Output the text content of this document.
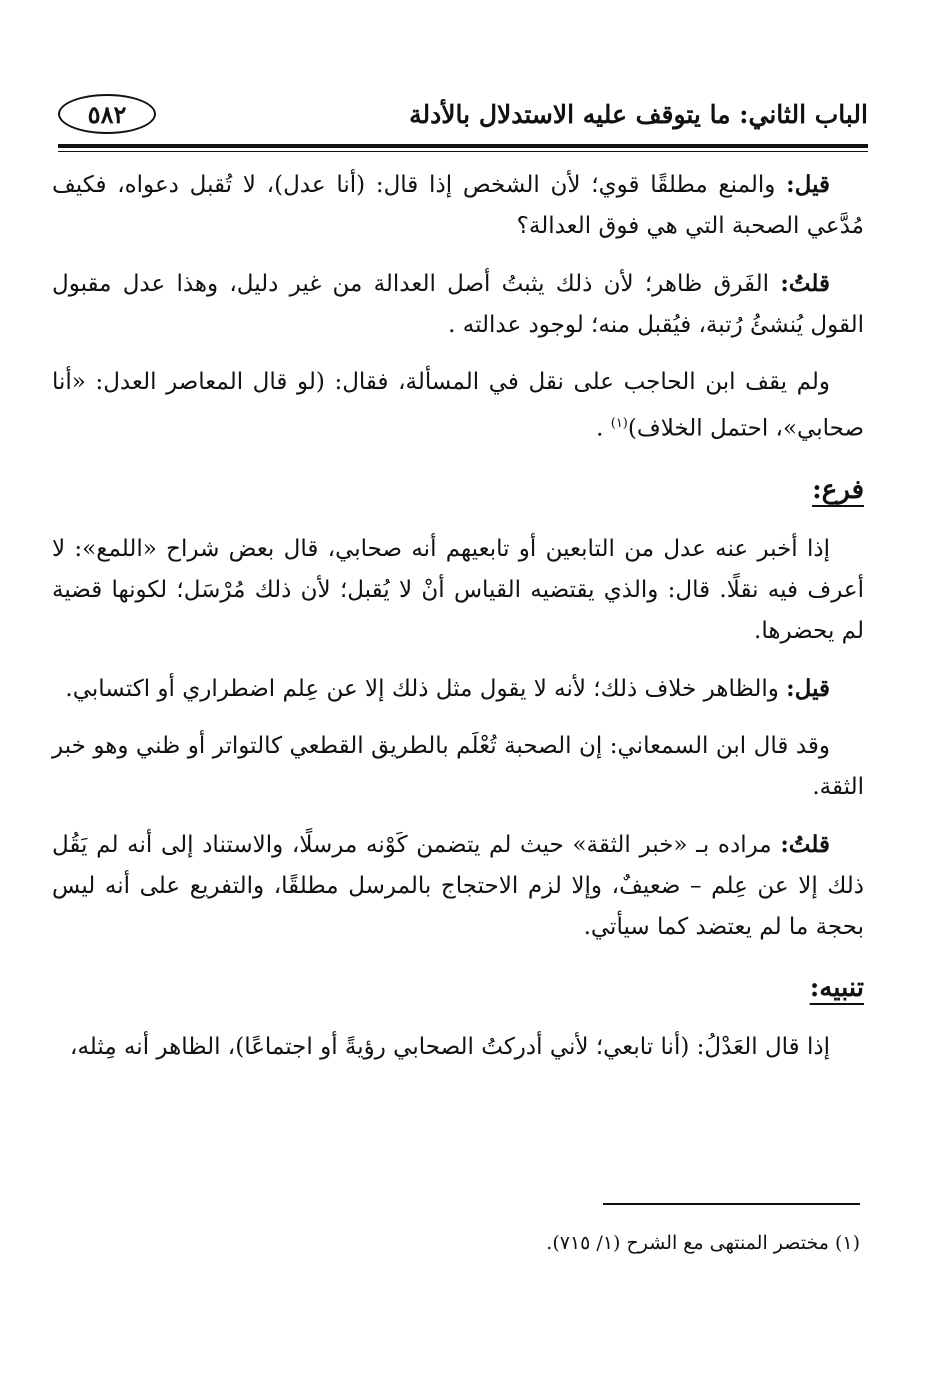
الباب الثاني: ما يتوقف عليه الاستدلال بالأدلة
٥٨٢

قيل: والمنع مطلقًا قوي؛ لأن الشخص إذا قال: (أنا عدل)، لا تُقبل دعواه، فكيف مُدَّعي الصحبة التي هي فوق العدالة؟

قلتُ: الفَرق ظاهر؛ لأن ذلك يثبتُ أصل العدالة من غير دليل، وهذا عدل مقبول القول يُنشئُ رُتبة، فيُقبل منه؛ لوجود عدالته .

ولم يقف ابن الحاجب على نقل في المسألة، فقال: (لو قال المعاصر العدل: «أنا صحابي»، احتمل الخلاف)$^{(١)}$ .

فرع:

إذا أخبر عنه عدل من التابعين أو تابعيهم أنه صحابي، قال بعض شراح «اللمع»: لا أعرف فيه نقلًا. قال: والذي يقتضيه القياس أنْ لا يُقبل؛ لأن ذلك مُرْسَل؛ لكونها قضية لم يحضرها.

قيل: والظاهر خلاف ذلك؛ لأنه لا يقول مثل ذلك إلا عن عِلم اضطراري أو اكتسابي.

وقد قال ابن السمعاني: إن الصحبة تُعْلَم بالطريق القطعي كالتواتر أو ظني وهو خبر الثقة.

قلتُ: مراده بـ «خبر الثقة» حيث لم يتضمن كَوْنه مرسلًا، والاستناد إلى أنه لم يَقُل ذلك إلا عن عِلم – ضعيفٌ، وإلا لزم الاحتجاج بالمرسل مطلقًا، والتفريع على أنه ليس بحجة ما لم يعتضد كما سيأتي.

تنبيه:

إذا قال العَدْلُ: (أنا تابعي؛ لأني أدركتُ الصحابي رؤيةً أو اجتماعًا)، الظاهر أنه مِثله،

(١) مختصر المنتهى مع الشرح (١/ ٧١٥).
